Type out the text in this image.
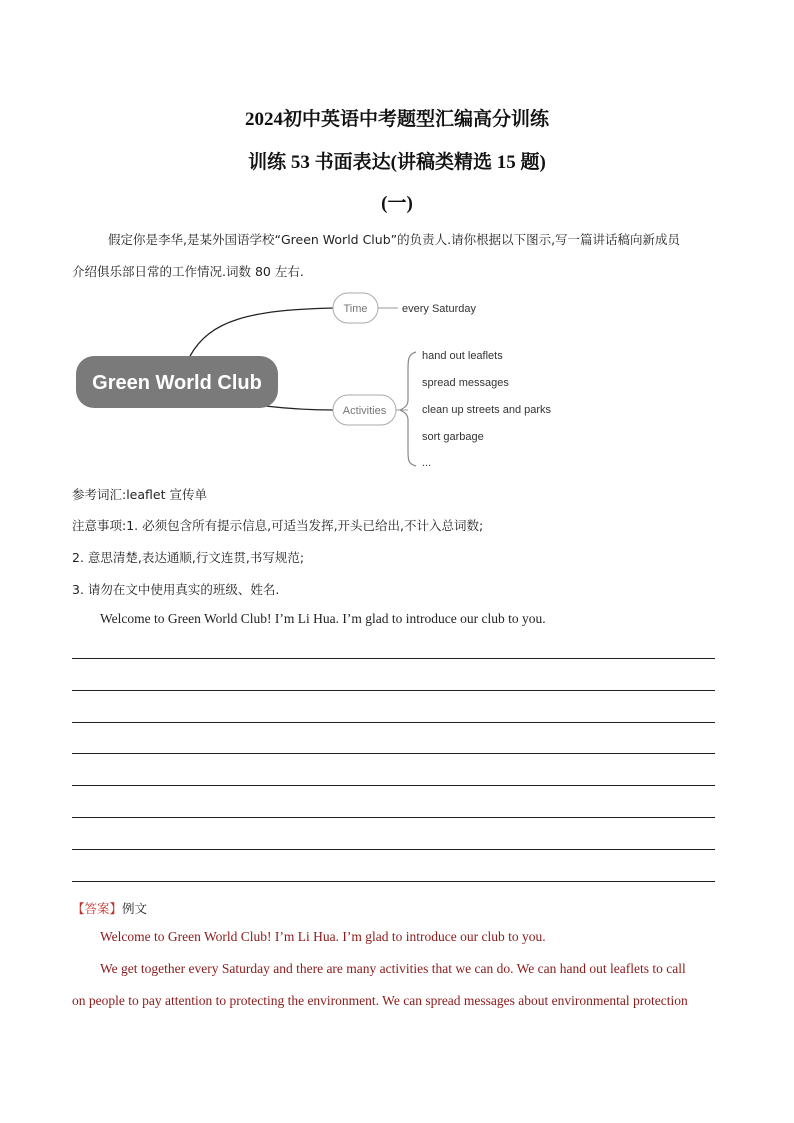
2024初中英语中考题型汇编高分训练
训练 53 书面表达(讲稿类精选 15 题)
(一)
假定你是李华,是某外国语学校“Green World Club”的负责人.请你根据以下图示,写一篇讲话稿向新成员
介绍俱乐部日常的工作情况.词数 80 左右.
Green World Club
Time	every Saturday
Activities
hand out leaflets
spread messages
clean up streets and parks
sort garbage
...
参考词汇:leaflet 宣传单
注意事项:1. 必须包含所有提示信息,可适当发挥,开头已给出,不计入总词数;
2. 意思清楚,表达通顺,行文连贯,书写规范;
3. 请勿在文中使用真实的班级、姓名.
Welcome to Green World Club! I’m Li Hua. I’m glad to introduce our club to you.
【答案】例文
Welcome to Green World Club! I’m Li Hua. I’m glad to introduce our club to you.
We get together every Saturday and there are many activities that we can do. We can hand out leaflets to call
on people to pay attention to protecting the environment. We can spread messages about environmental protection
